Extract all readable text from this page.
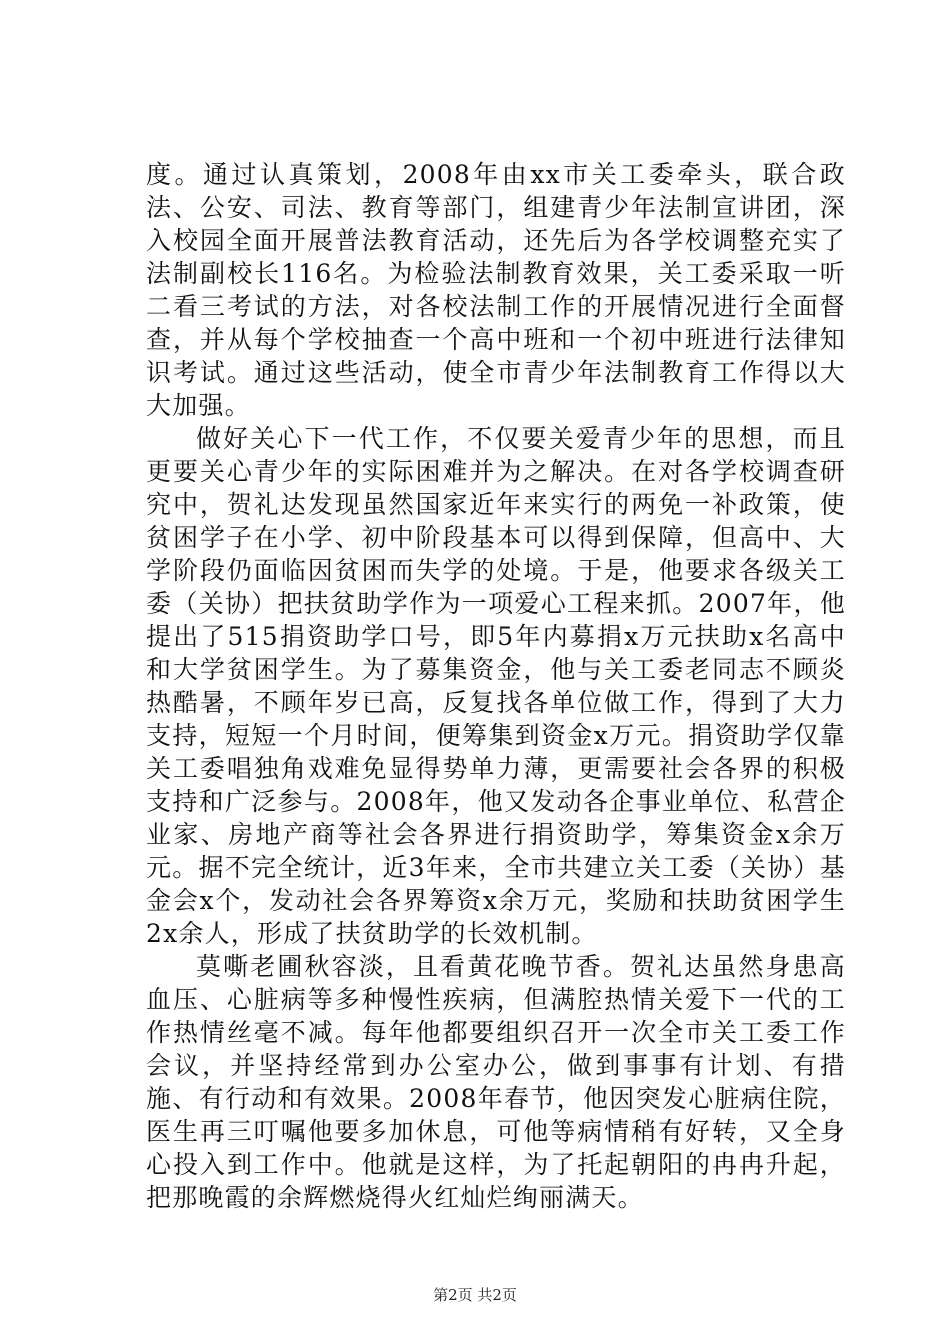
度。通过认真策划，2008年由xx市关工委牵头，联合政法、公安、司法、教育等部门，组建青少年法制宣讲团，深入校园全面开展普法教育活动，还先后为各学校调整充实了法制副校长116名。为检验法制教育效果，关工委采取一听二看三考试的方法，对各校法制工作的开展情况进行全面督查，并从每个学校抽查一个高中班和一个初中班进行法律知识考试。通过这些活动，使全市青少年法制教育工作得以大大加强。

做好关心下一代工作，不仅要关爱青少年的思想，而且更要关心青少年的实际困难并为之解决。在对各学校调查研究中，贺礼达发现虽然国家近年来实行的两免一补政策，使贫困学子在小学、初中阶段基本可以得到保障，但高中、大学阶段仍面临因贫困而失学的处境。于是，他要求各级关工委（关协）把扶贫助学作为一项爱心工程来抓。2007年，他提出了515捐资助学口号，即5年内募捐x万元扶助x名高中和大学贫困学生。为了募集资金，他与关工委老同志不顾炎热酷暑，不顾年岁已高，反复找各单位做工作，得到了大力支持，短短一个月时间，便筹集到资金x万元。捐资助学仅靠关工委唱独角戏难免显得势单力薄，更需要社会各界的积极支持和广泛参与。2008年，他又发动各企事业单位、私营企业家、房地产商等社会各界进行捐资助学，筹集资金x余万元。据不完全统计，近3年来，全市共建立关工委（关协）基金会x个，发动社会各界筹资x余万元，奖励和扶助贫困学生2x余人，形成了扶贫助学的长效机制。

莫嘶老圃秋容淡，且看黄花晚节香。贺礼达虽然身患高血压、心脏病等多种慢性疾病，但满腔热情关爱下一代的工作热情丝毫不减。每年他都要组织召开一次全市关工委工作会议，并坚持经常到办公室办公，做到事事有计划、有措施、有行动和有效果。2008年春节，他因突发心脏病住院，医生再三叮嘱他要多加休息，可他等病情稍有好转，又全身心投入到工作中。他就是这样，为了托起朝阳的冉冉升起，把那晚霞的余辉燃烧得火红灿烂绚丽满天。

第2页 共2页
